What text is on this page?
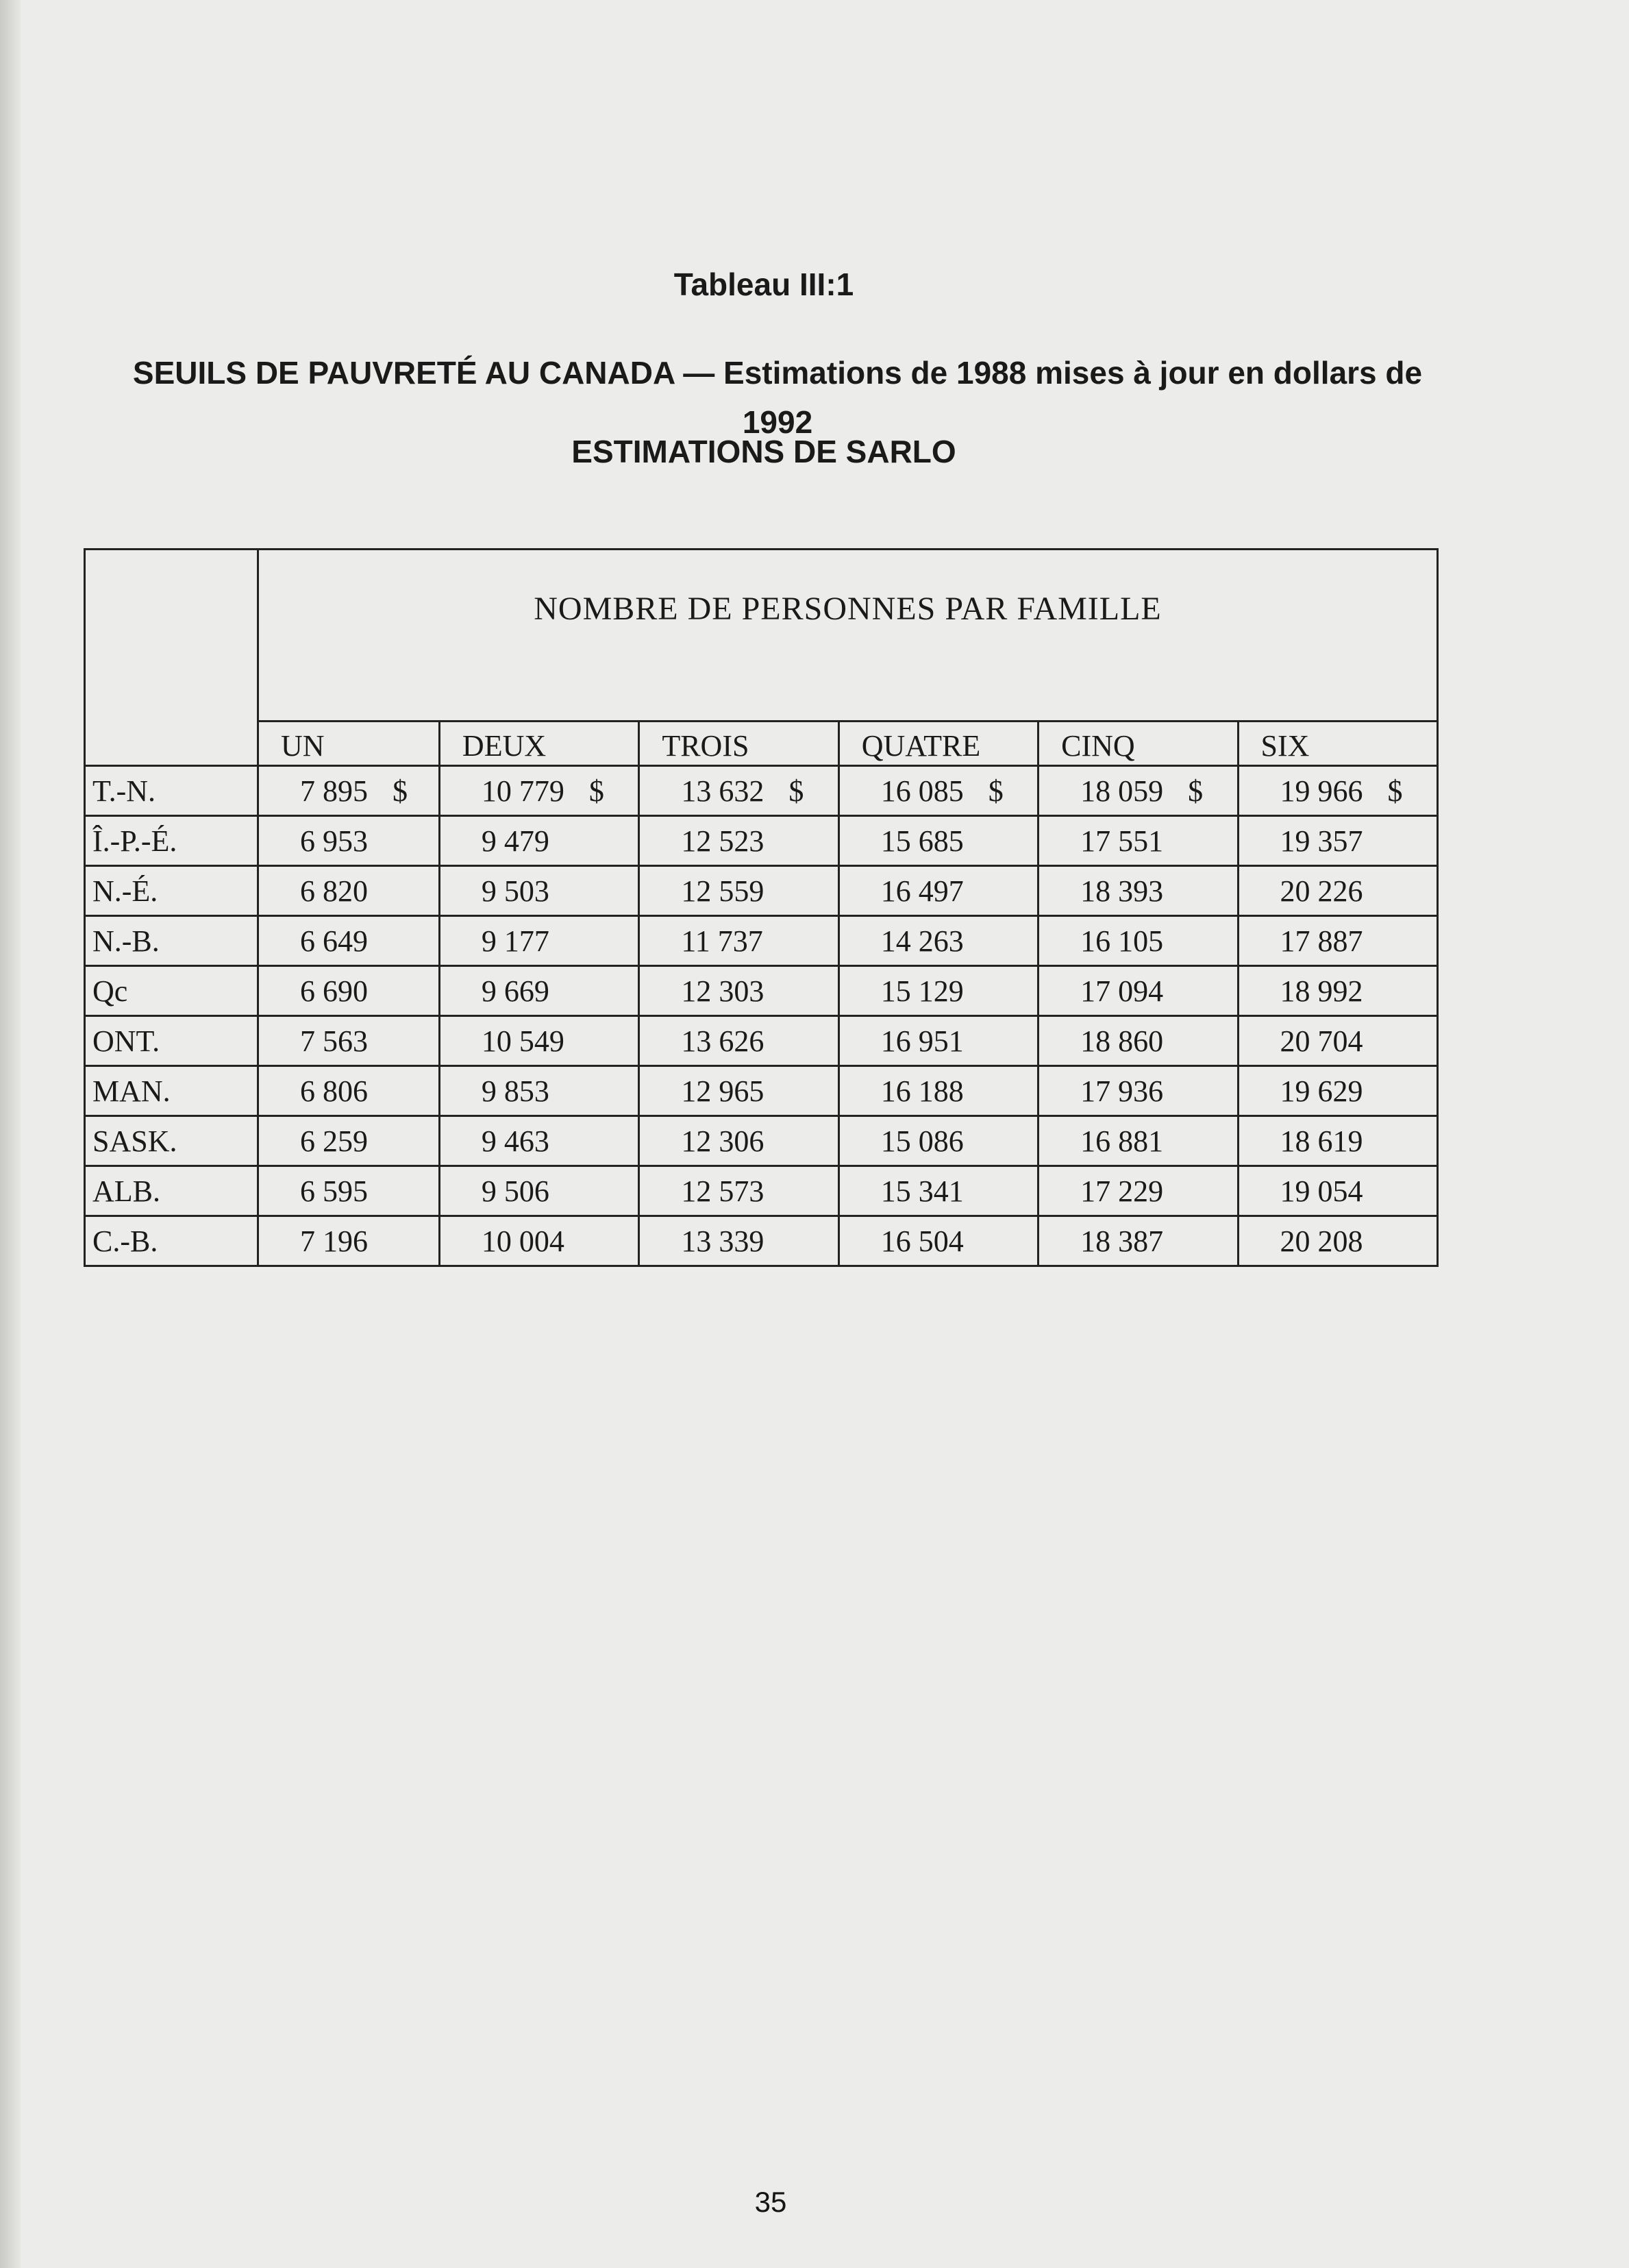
Tableau III:1
SEUILS DE PAUVRETÉ AU CANADA — Estimations de 1988 mises à jour en dollars de 1992
ESTIMATIONS DE SARLO
	NOMBRE DE PERSONNES PAR FAMILLE					
	UN	DEUX	TROIS	QUATRE	CINQ	SIX
T.-N.	7 895 $	10 779 $	13 632 $	16 085 $	18 059 $	19 966 $
Î.-P.-É.	6 953	9 479	12 523	15 685	17 551	19 357
N.-É.	6 820	9 503	12 559	16 497	18 393	20 226
N.-B.	6 649	9 177	11 737	14 263	16 105	17 887
Qc	6 690	9 669	12 303	15 129	17 094	18 992
ONT.	7 563	10 549	13 626	16 951	18 860	20 704
MAN.	6 806	9 853	12 965	16 188	17 936	19 629
SASK.	6 259	9 463	12 306	15 086	16 881	18 619
ALB.	6 595	9 506	12 573	15 341	17 229	19 054
C.-B.	7 196	10 004	13 339	16 504	18 387	20 208
35
